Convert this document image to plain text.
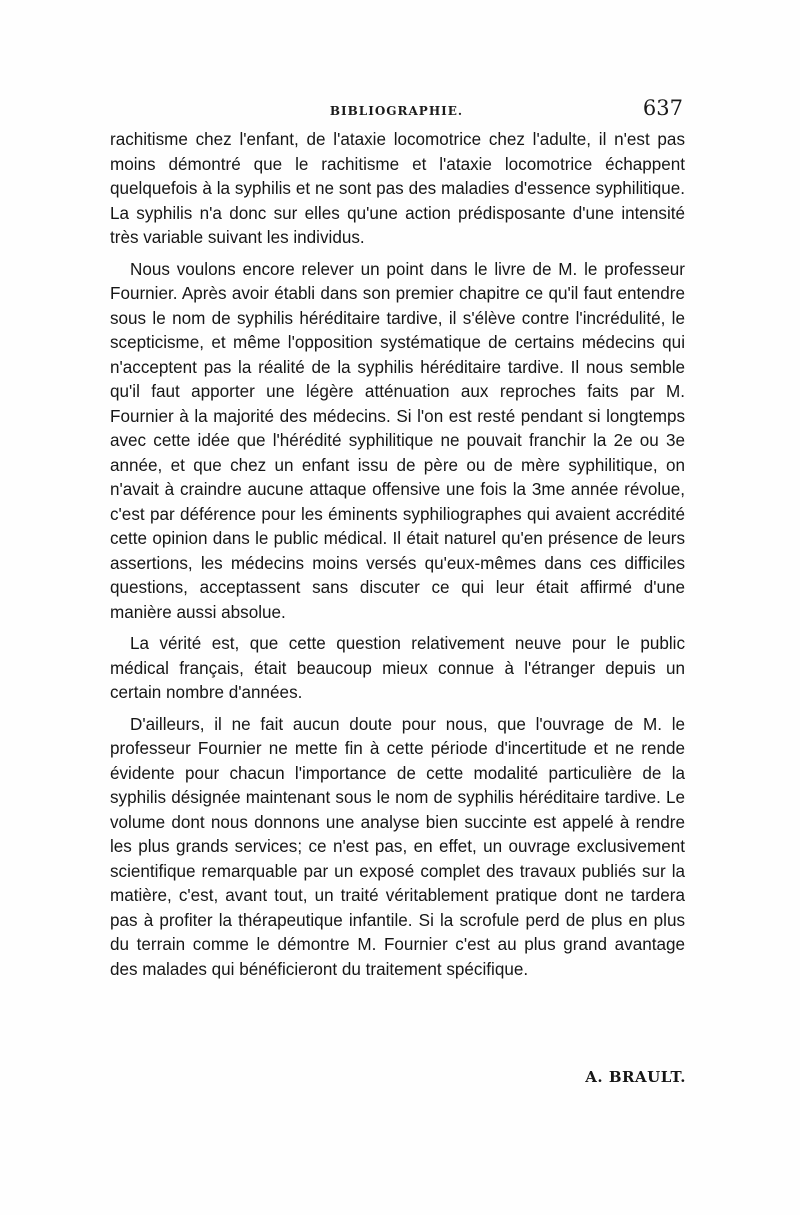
BIBLIOGRAPHIE.	637

rachitisme chez l'enfant, de l'ataxie locomotrice chez l'adulte, il n'est pas moins démontré que le rachitisme et l'ataxie locomotrice échappent quelquefois à la syphilis et ne sont pas des maladies d'essence syphilitique. La syphilis n'a donc sur elles qu'une action prédisposante d'une intensité très variable suivant les individus.

Nous voulons encore relever un point dans le livre de M. le professeur Fournier. Après avoir établi dans son premier chapitre ce qu'il faut entendre sous le nom de syphilis héréditaire tardive, il s'élève contre l'incrédulité, le scepticisme, et même l'opposition systématique de certains médecins qui n'acceptent pas la réalité de la syphilis héréditaire tardive. Il nous semble qu'il faut apporter une légère atténuation aux reproches faits par M. Fournier à la majorité des médecins. Si l'on est resté pendant si longtemps avec cette idée que l'hérédité syphilitique ne pouvait franchir la 2e ou 3e année, et que chez un enfant issu de père ou de mère syphilitique, on n'avait à craindre aucune attaque offensive une fois la 3me année révolue, c'est par déférence pour les éminents syphiliographes qui avaient accrédité cette opinion dans le public médical. Il était naturel qu'en présence de leurs assertions, les médecins moins versés qu'eux-mêmes dans ces difficiles questions, acceptassent sans discuter ce qui leur était affirmé d'une manière aussi absolue.

La vérité est, que cette question relativement neuve pour le public médical français, était beaucoup mieux connue à l'étranger depuis un certain nombre d'années.

D'ailleurs, il ne fait aucun doute pour nous, que l'ouvrage de M. le professeur Fournier ne mette fin à cette période d'incertitude et ne rende évidente pour chacun l'importance de cette modalité particulière de la syphilis désignée maintenant sous le nom de syphilis héréditaire tardive. Le volume dont nous donnons une analyse bien succinte est appelé à rendre les plus grands services; ce n'est pas, en effet, un ouvrage exclusivement scientifique remarquable par un exposé complet des travaux publiés sur la matière, c'est, avant tout, un traité véritablement pratique dont ne tardera pas à profiter la thérapeutique infantile. Si la scrofule perd de plus en plus du terrain comme le démontre M. Fournier c'est au plus grand avantage des malades qui bénéficieront du traitement spécifique.

A. BRAULT.
